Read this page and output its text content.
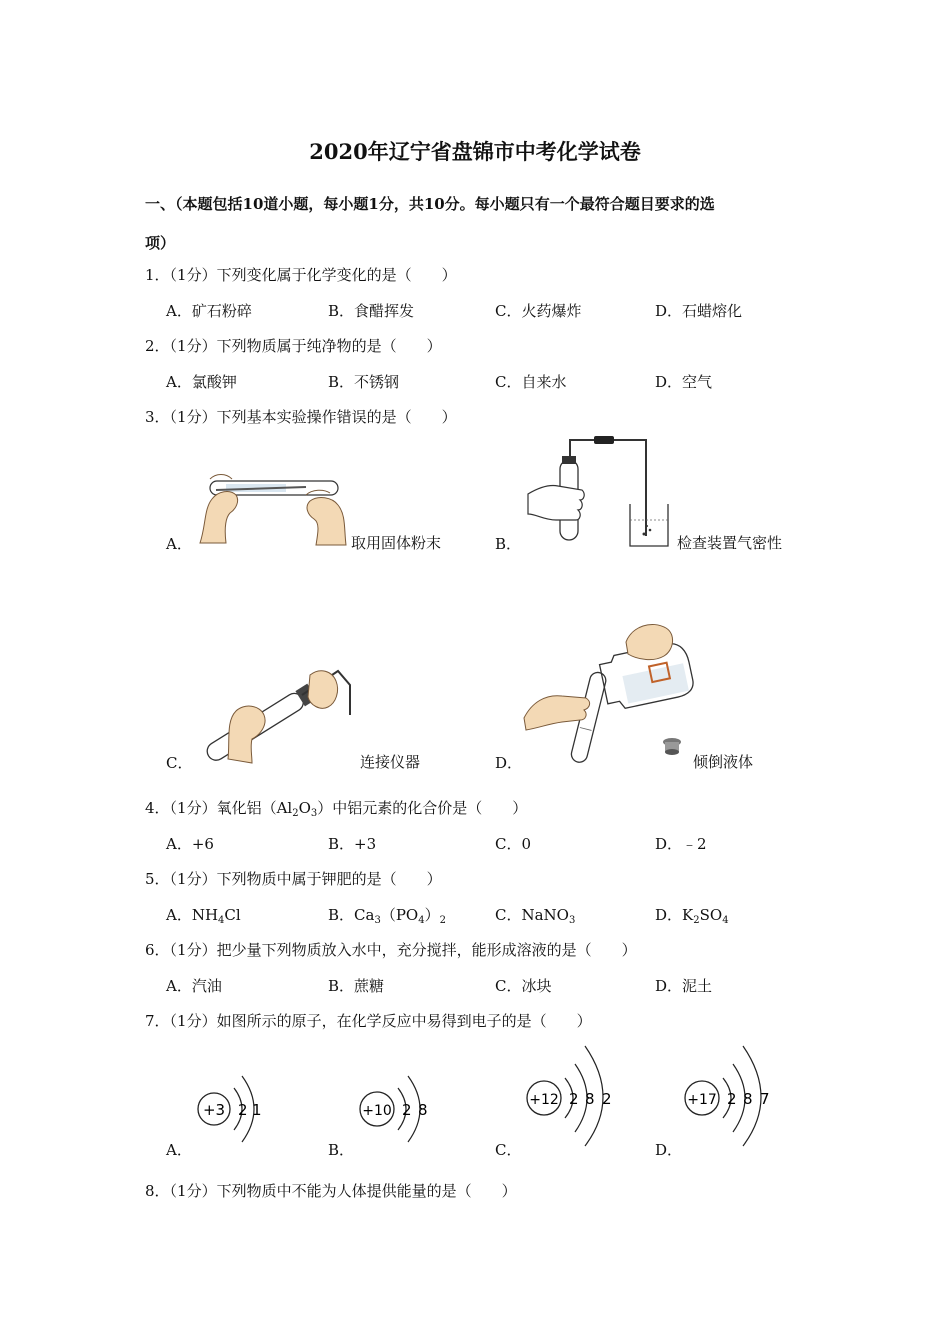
2020年辽宁省盘锦市中考化学试卷
一、（本题包括10道小题，每小题1分，共10分。每小题只有一个最符合题目要求的选
项）
1．（1分）下列变化属于化学变化的是（　　）
A．矿石粉碎	B．食醋挥发	C．火药爆炸	D．石蜡熔化
2．（1分）下列物质属于纯净物的是（　　）
A．氯酸钾	B．不锈钢	C．自来水	D．空气
3．（1分）下列基本实验操作错误的是（　　）
A．	取用固体粉末	B．	检查装置气密性
C．	连接仪器	D．	倾倒液体
4．（1分）氧化铝$(Al_2O_3)$中铝元素的化合价是（　　）
A．+6	B．+3	C．0	D．﹣2
5．（1分）下列物质中属于钾肥的是（　　）
A．$NH_4Cl$	B．$Ca_3(PO_4)_2$	C．NaNO$_3$	D．$K_2SO_4$
6．（1分）把少量下列物质放入水中，充分搅拌，能形成溶液的是（　　）
A．汽油	B．蔗糖	C．冰块	D．泥土
7．（1分）如图所示的原子，在化学反应中易得到电子的是（　　）
A．
+3 2 1
B．
+10 2 8
C．
+12 2 8 2
D．
+17 2 8 7
8．（1分）下列物质中不能为人体提供能量的是（　　）
